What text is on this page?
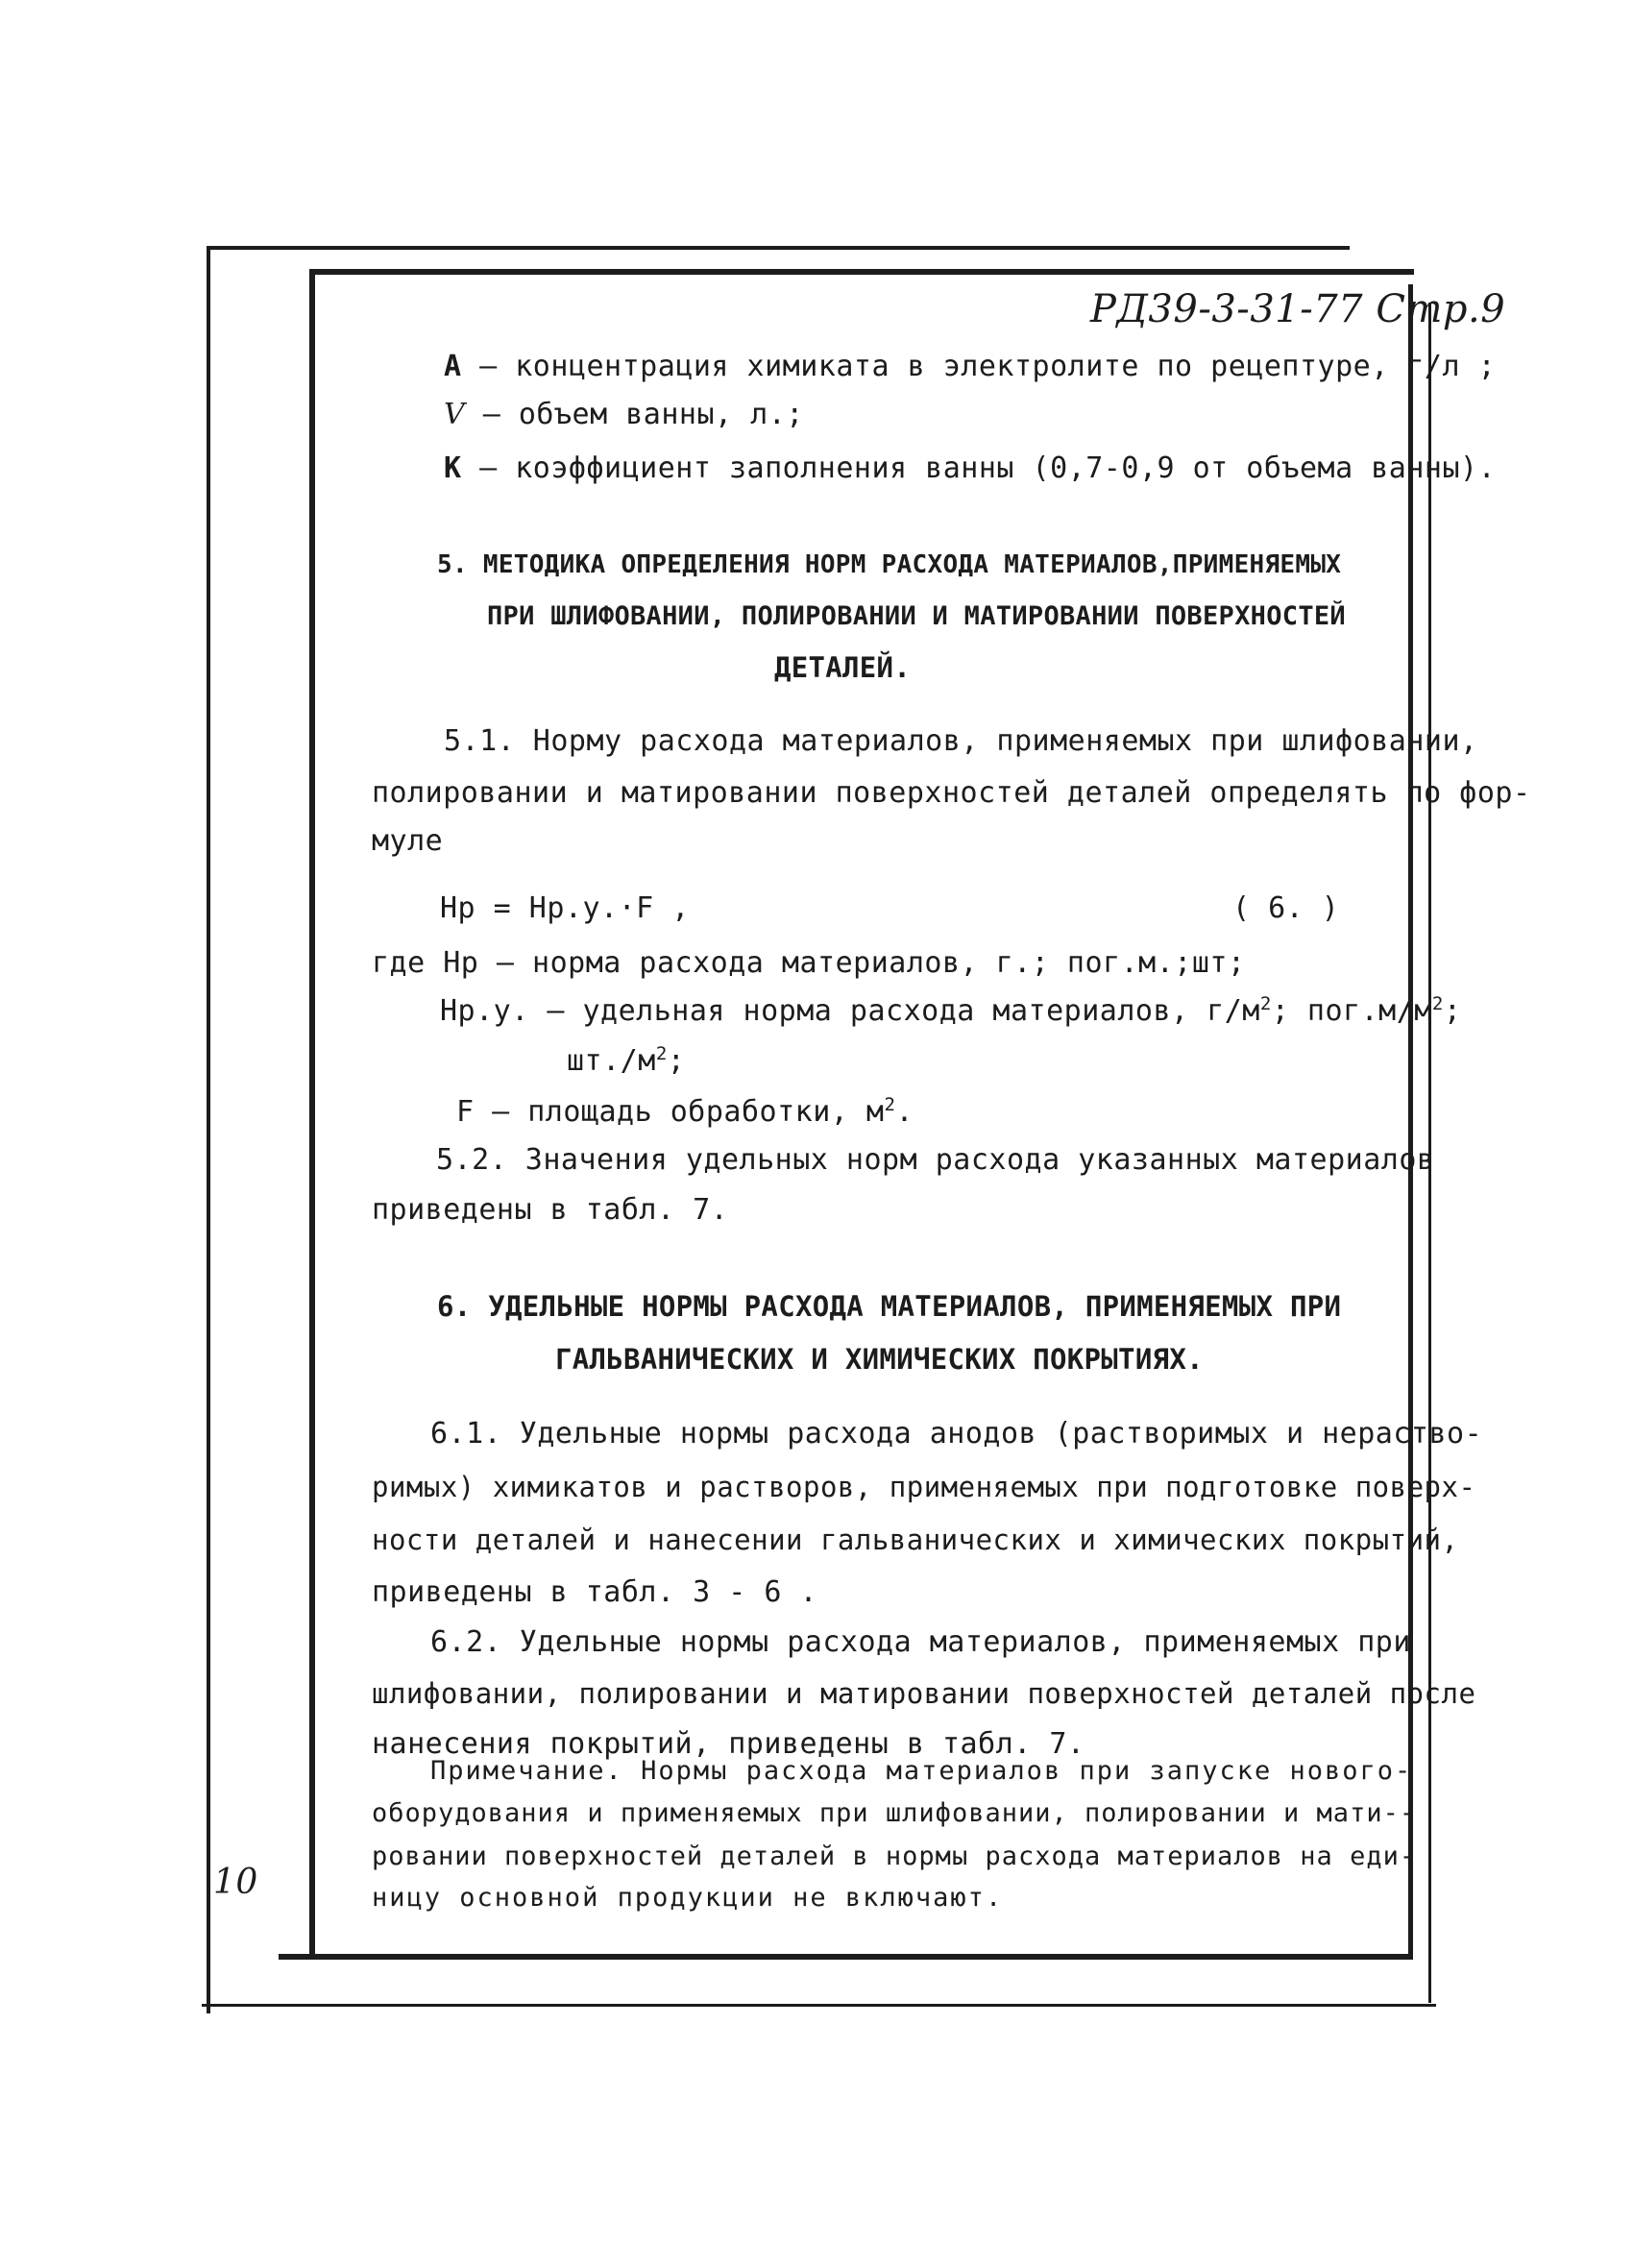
РД39-3-31-77 Стр.9
А – концентрация химиката в электролите по рецептуре, г/л ;
V – объем ванны, л.;
К – коэффициент заполнения ванны (0,7-0,9 от объема ванны).
5. МЕТОДИКА ОПРЕДЕЛЕНИЯ НОРМ РАСХОДА МАТЕРИАЛОВ,ПРИМЕНЯЕМЫХ
ПРИ ШЛИФОВАНИИ, ПОЛИРОВАНИИ И МАТИРОВАНИИ ПОВЕРХНОСТЕЙ
ДЕТАЛЕЙ.
5.1. Норму расхода материалов, применяемых при шлифовании,
полировании и матировании поверхностей деталей определять по фор-
муле
Нр = Нр.у.·F ,	( 6. )
где Нр – норма расхода материалов, г.; пог.м.;шт;
Нр.у. – удельная норма расхода материалов, $г/м^2$; $пог.м/м^2$;
$шт./м^2$;
F – площадь обработки, $м^2$.
5.2. Значения удельных норм расхода указанных материалов
приведены в табл. 7.
6. УДЕЛЬНЫЕ НОРМЫ РАСХОДА МАТЕРИАЛОВ, ПРИМЕНЯЕМЫХ ПРИ
ГАЛЬВАНИЧЕСКИХ И ХИМИЧЕСКИХ ПОКРЫТИЯХ.
6.1. Удельные нормы расхода анодов (растворимых и нераство-
римых) химикатов и растворов, применяемых при подготовке поверх-
ности деталей и нанесении гальванических и химических покрытий,
приведены в табл. 3 - 6 .
6.2. Удельные нормы расхода материалов, применяемых при
шлифовании, полировании и матировании поверхностей деталей после
нанесения покрытий, приведены в табл. 7.
Примечание. Нормы расхода материалов при запуске нового-
оборудования и применяемых при шлифовании, полировании и мати--
ровании поверхностей деталей в нормы расхода материалов на еди-
ницу основной продукции не включают.
10
